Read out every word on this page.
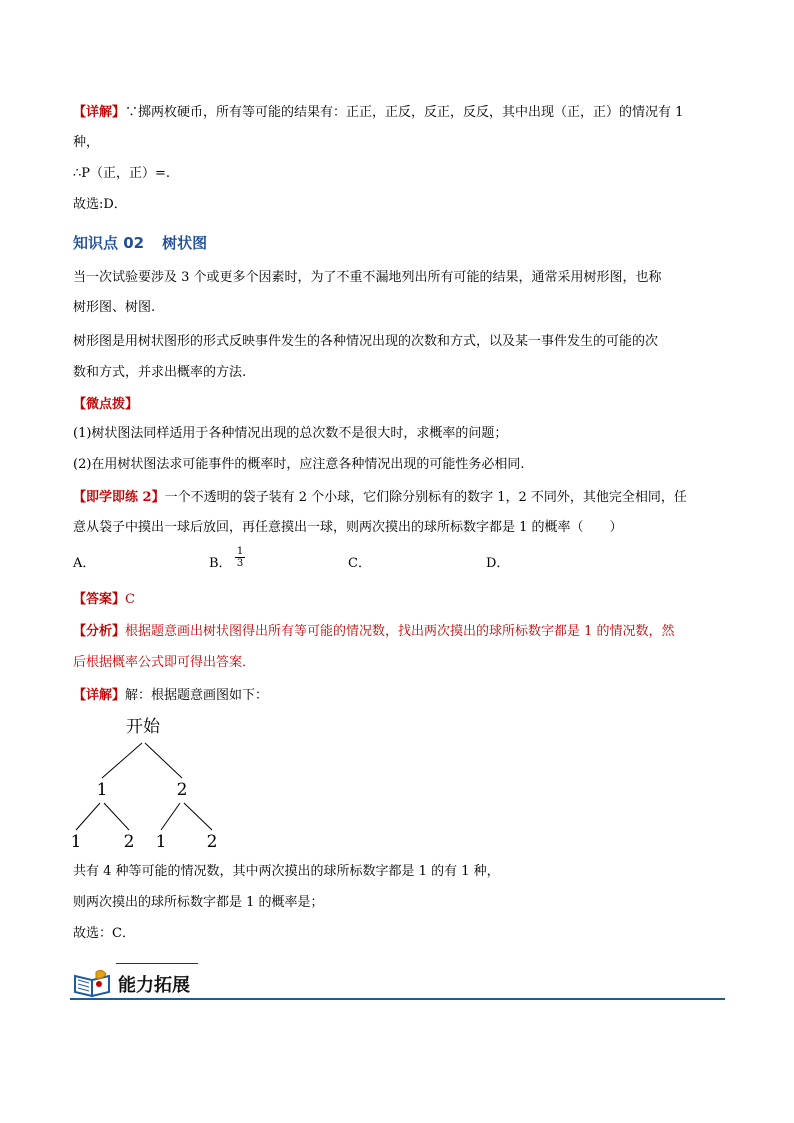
【详解】∵掷两枚硬币，所有等可能的结果有：正正，正反，反正，反反，其中出现（正，正）的情况有 1
种，
∴P（正，正）=.
故选:D．
知识点 02 树状图
当一次试验要涉及 3 个或更多个因素时，为了不重不漏地列出所有可能的结果，通常采用树形图，也称
树形图、树图.
树形图是用树状图形的形式反映事件发生的各种情况出现的次数和方式，以及某一事件发生的可能的次
数和方式，并求出概率的方法.
【微点拨】
(1)树状图法同样适用于各种情况出现的总次数不是很大时，求概率的问题；
(2)在用树状图法求可能事件的概率时，应注意各种情况出现的可能性务必相同.
【即学即练 2】一个不透明的袋子装有 2 个小球，它们除分别标有的数字 1，2 不同外，其他完全相同，任
意从袋子中摸出一球后放回，再任意摸出一球，则两次摸出的球所标数字都是 1 的概率（　　）
A．	B． $\frac{1}{3}$	C．	D．
【答案】C
【分析】根据题意画出树状图得出所有等可能的情况数，找出两次摸出的球所标数字都是 1 的情况数，然
后根据概率公式即可得出答案．
【详解】解：根据题意画图如下：
开始
1	2
1 2 1 2
共有 4 种等可能的情况数，其中两次摸出的球所标数字都是 1 的有 1 种，
则两次摸出的球所标数字都是 1 的概率是；
故选：C．
能力拓展
